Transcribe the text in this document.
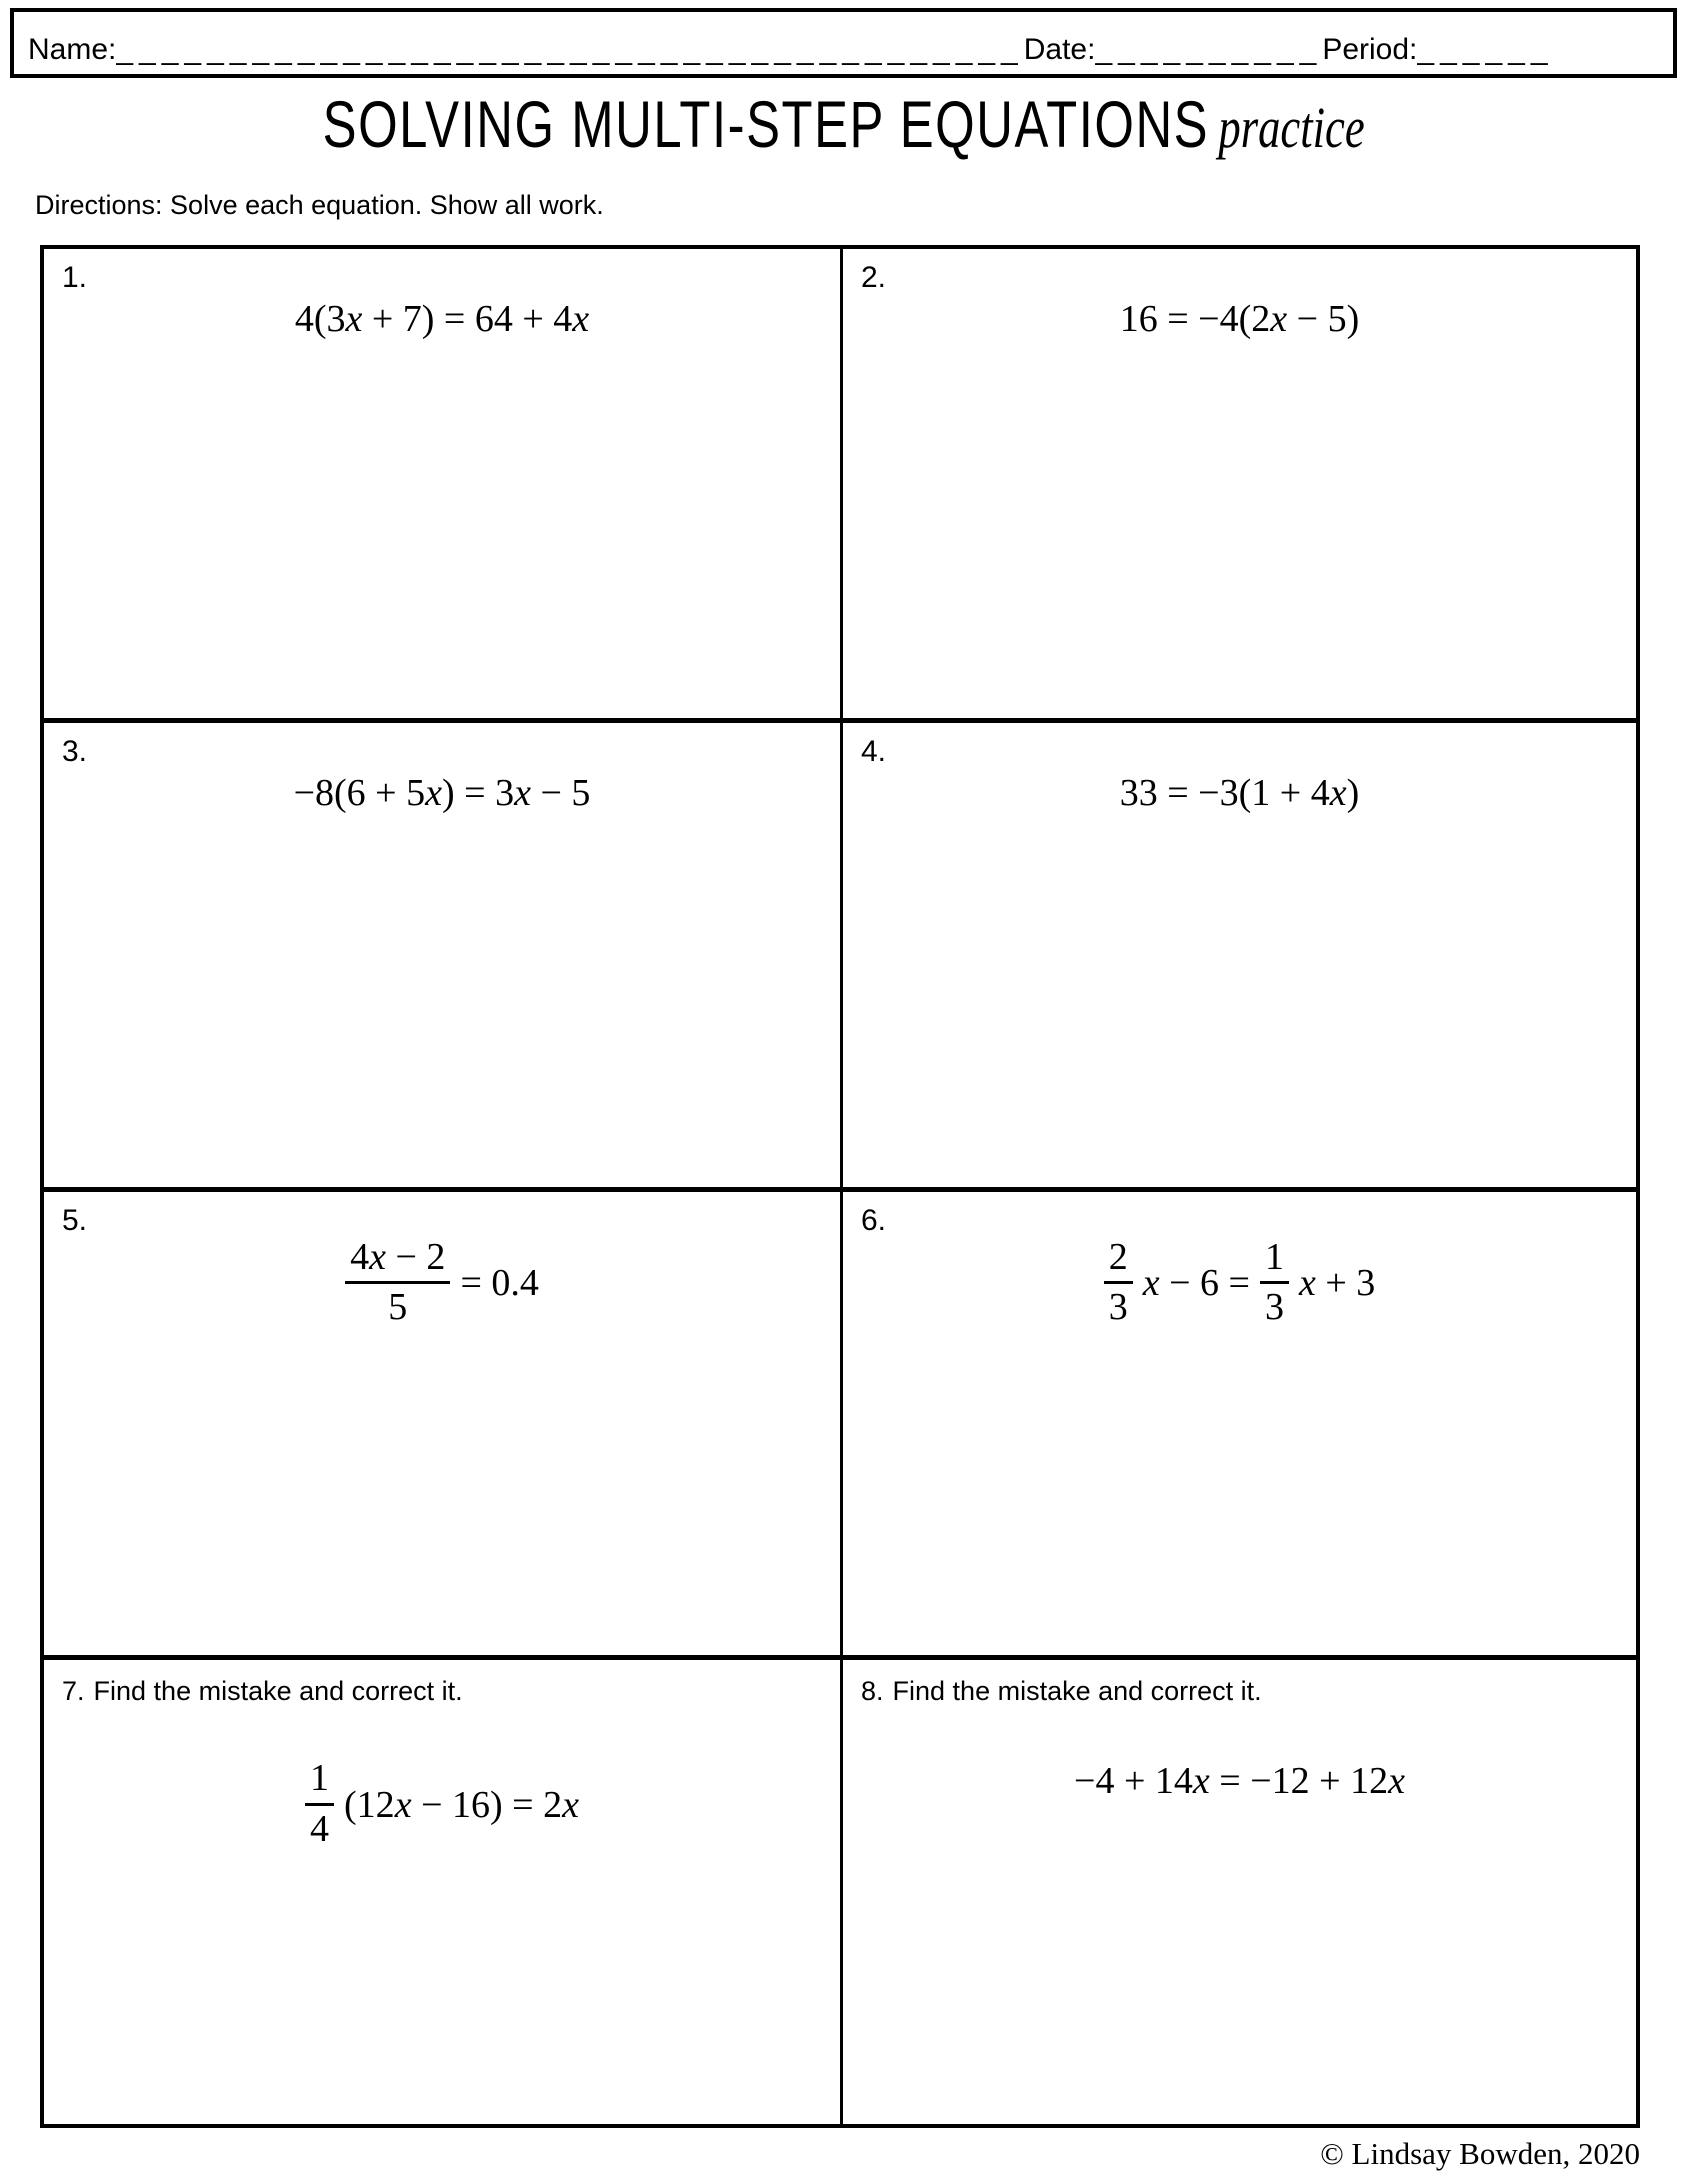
Name: ________________________________________ Date: __________ Period: ______
SOLVING MULTI-STEP EQUATIONS practice
Directions: Solve each equation. Show all work.
1.
4(3x + 7) = 64 + 4x
2.
16 = −4(2x − 5)
3.
−8(6 + 5x) = 3x − 5
4.
33 = −3(1 + 4x)
5.
$\frac{4x - 2}{5} = 0.4$
6.
$\frac{2}{3}$ $x - 6 = \frac{1}{3}$ x + 3
7. Find the mistake and correct it.
$\frac{1}{4} (12x - 16) = 2x$
8. Find the mistake and correct it.
−4 + 14x = −12 + 12x
© Lindsay Bowden, 2020
